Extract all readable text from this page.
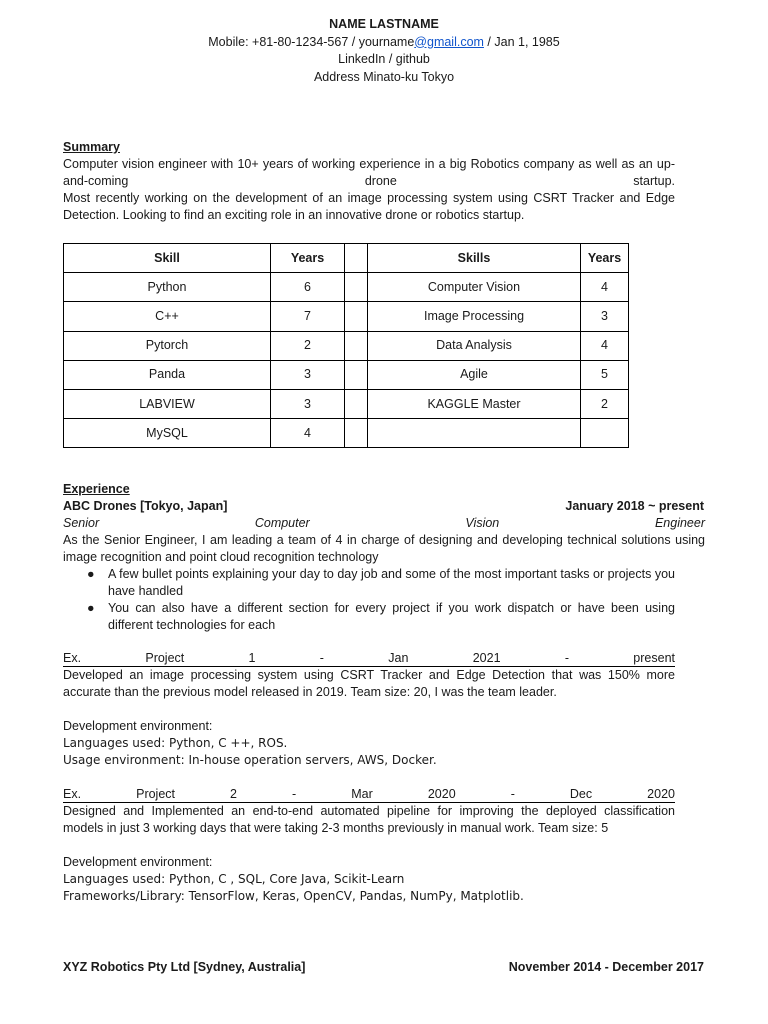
NAME LASTNAME
Mobile: +81-80-1234-567 / yourname@gmail.com / Jan 1, 1985
LinkedIn / github
Address Minato-ku Tokyo
Summary
Computer vision engineer with 10+ years of working experience in a big Robotics company as well as an up-
and-coming drone startup.
Most recently working on the development of an image processing system using CSRT Tracker and Edge Detection. Looking to find an exciting role in an innovative drone or robotics startup.
Skill	Years		Skills	Years
Python	6		Computer Vision	4
C++	7		Image Processing	3
Pytorch	2		Data Analysis	4
Panda	3		Agile	5
LABVIEW	3		KAGGLE Master	2
MySQL	4			
Experience
ABC Drones [Tokyo, Japan]	January 2018 ~ present
Senior Computer Vision Engineer
As the Senior Engineer, I am leading a team of 4 in charge of designing and developing technical solutions using image recognition and point cloud recognition technology
● A few bullet points explaining your day to day job and some of the most important tasks or projects you have handled
● You can also have a different section for every project if you work dispatch or have been using different technologies for each
Ex. Project 1 - Jan 2021 - present
Developed an image processing system using CSRT Tracker and Edge Detection that was 150% more accurate than the previous model released in 2019. Team size: 20, I was the team leader.
Development environment:
Languages used: Python, C ++, ROS.
Usage environment: In-house operation servers, AWS, Docker.
Ex. Project 2 - Mar 2020 - Dec 2020
Designed and Implemented an end-to-end automated pipeline for improving the deployed classification models in just 3 working days that were taking 2-3 months previously in manual work. Team size: 5
Development environment:
Languages used: Python, C , SQL, Core Java, Scikit-Learn
Frameworks/Library: TensorFlow, Keras, OpenCV, Pandas, NumPy, Matplotlib.
XYZ Robotics Pty Ltd [Sydney, Australia]	November 2014 - December 2017
